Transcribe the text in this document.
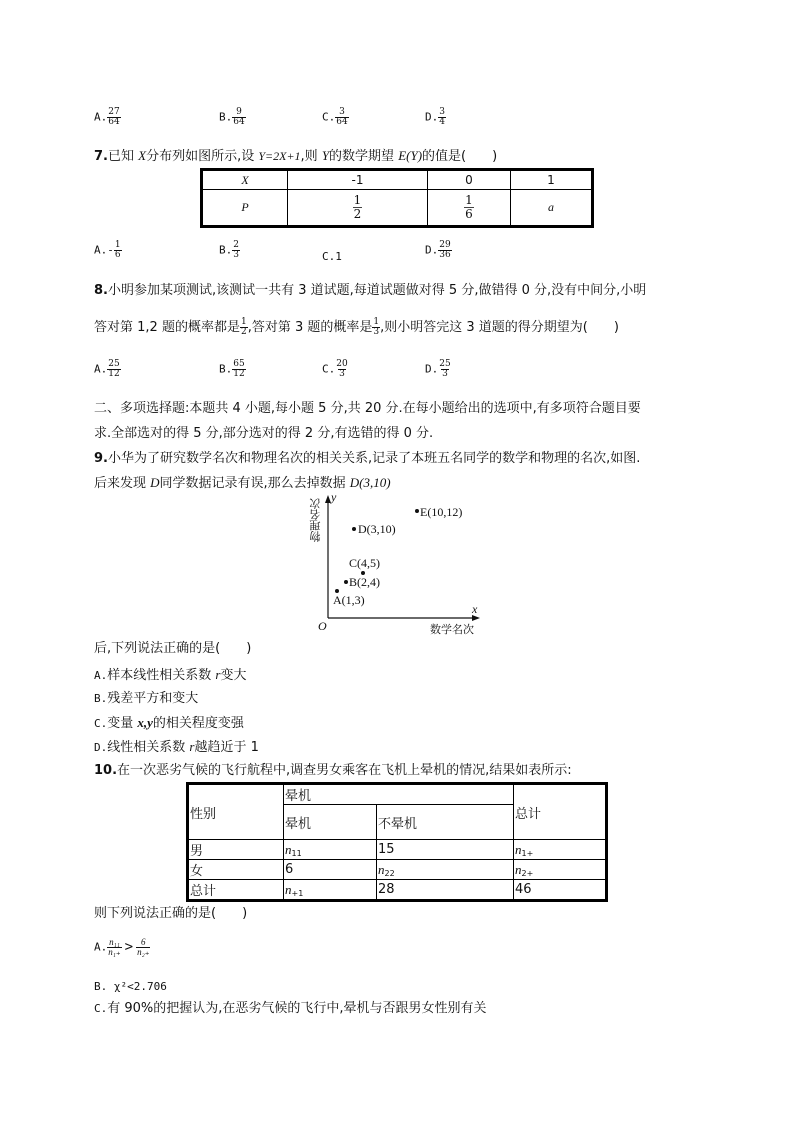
A. $\frac{27}{64}$	B. $\frac{9}{64}$	C. $\frac{3}{64}$	D. $\frac{3}{4}$
7.已知 X分布列如图所示,设 Y=2X+1,则 Y的数学期望 E(Y)的值是(　　)
X	-1	0	1
P	$\frac{1}{2}$	$\frac{1}{6}$	a
$A.- \frac{1}{6}$	B. $\frac{2}{3}$	C.1	D. $\frac{29}{36}$
8.小明参加某项测试,该测试一共有 3 道试题,每道试题做对得 5 分,做错得 0 分,没有中间分,小明
答对第 1,2 题的概率都是 $\frac{1}{2}$ ,答对第 3 题的概率是 $\frac{1}{3}$ ,则小明答完这 3 道题的得分期望为(　　)
A. $\frac{25}{12}$	B. $\frac{65}{12}$	C. $\frac{20}{3}$	D. $\frac{25}{3}$
二、多项选择题:本题共 4 小题,每小题 5 分,共 20 分.在每小题给出的选项中,有多项符合题目要
求.全部选对的得 5 分,部分选对的得 2 分,有选错的得 0 分.
9.小华为了研究数学名次和物理名次的相关关系,记录了本班五名同学的数学和物理的名次,如图.
后来发现 D同学数据记录有误,那么去掉数据 D(3,10)
物理名次
y
x
O	数学名次
A(1,3)
B(2,4)
C(4,5)
D(3,10)
E(10,12)
后,下列说法正确的是(　　)
A.样本线性相关系数 r变大
B.残差平方和变大
C.变量 x,y的相关程度变强
D.线性相关系数 r越趋近于 1
10.在一次恶劣气候的飞行航程中,调查男女乘客在飞机上晕机的情况,结果如表所示:
性别	晕机		总计
	晕机	不晕机	
男	$n_{11}$	15	$n_{1+}$
女	6	$n_{22}$	$n_{2+}$
总计	$n_{+1}$	28	46
则下列说法正确的是(　　)
A. $\frac{\text{n₁₁}}{\text{n₁₊}} > \frac{6}{\text{n₂₊}}$
B. χ²<2.706
C.有 90%的把握认为,在恶劣气候的飞行中,晕机与否跟男女性别有关
